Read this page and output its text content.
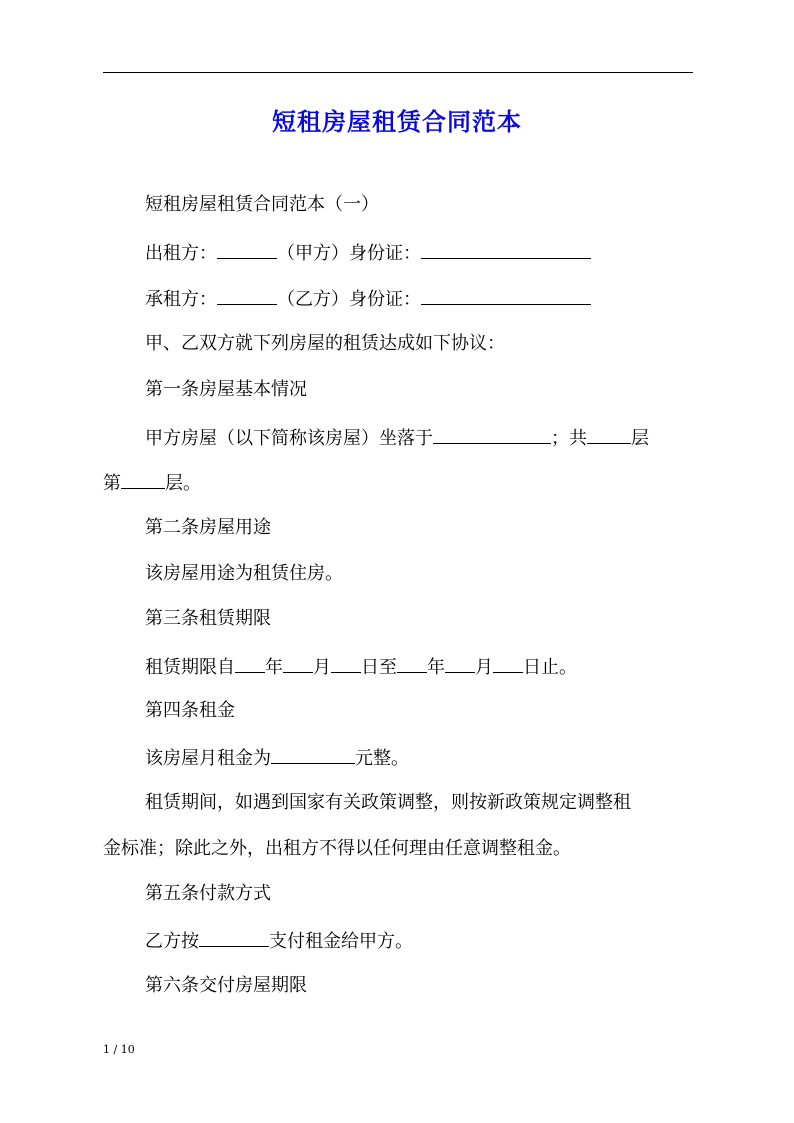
短租房屋租赁合同范本

短租房屋租赁合同范本（一）

出租方：	（甲方）身份证：

承租方：	（乙方）身份证：

甲、乙双方就下列房屋的租赁达成如下协议：

第一条房屋基本情况

甲方房屋（以下简称该房屋）坐落于	；共 层

第 层。

第二条房屋用途

该房屋用途为租赁住房。

第三条租赁期限

租赁期限自 年 月 日至 年 月 日止。

第四条租金

该房屋月租金为	元整。

租赁期间，如遇到国家有关政策调整，则按新政策规定调整租

金标准；除此之外，出租方不得以任何理由任意调整租金。

第五条付款方式

乙方按	支付租金给甲方。

第六条交付房屋期限

1 / 10
